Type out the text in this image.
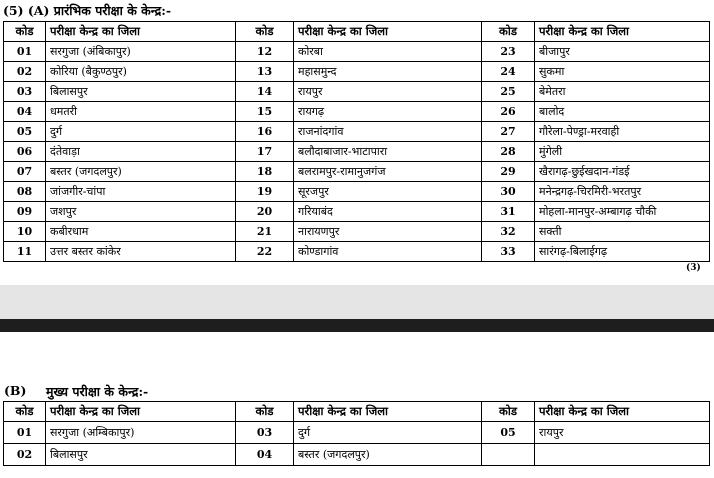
(5) (A) प्रारंभिक परीक्षा के केन्द्र:-
कोड	परीक्षा केन्द्र का जिला	कोड	परीक्षा केन्द्र का जिला	कोड	परीक्षा केन्द्र का जिला
01	सरगुजा (अंबिकापुर)	12	कोरबा	23	बीजापुर
02	कोरिया (बैकुण्ठपुर)	13	महासमुन्द	24	सुकमा
03	बिलासपुर	14	रायपुर	25	बेमेतरा
04	धमतरी	15	रायगढ़	26	बालोद
05	दुर्ग	16	राजनांदगांव	27	गौरेला-पेण्ड्रा-मरवाही
06	दंतेवाड़ा	17	बलौदाबाजार-भाटापारा	28	मुंगेली
07	बस्तर (जगदलपुर)	18	बलरामपुर-रामानुजगंज	29	खैरागढ़-छुईखदान-गंडई
08	जांजगीर-चांपा	19	सूरजपुर	30	मनेन्द्रगढ़-चिरमिरी-भरतपुर
09	जशपुर	20	गरियाबंद	31	मोहला-मानपुर-अम्बागढ़ चौकी
10	कबीरधाम	21	नारायणपुर	32	सक्ती
11	उत्तर बस्तर कांकेर	22	कोण्डागांव	33	सारंगढ़-बिलाईगढ़
(3)
(B) मुख्य परीक्षा के केन्द्र:-
कोड	परीक्षा केन्द्र का जिला	कोड	परीक्षा केन्द्र का जिला	कोड	परीक्षा केन्द्र का जिला
01	सरगुजा (अम्बिकापुर)	03	दुर्ग	05	रायपुर
02	बिलासपुर	04	बस्तर (जगदलपुर)		
